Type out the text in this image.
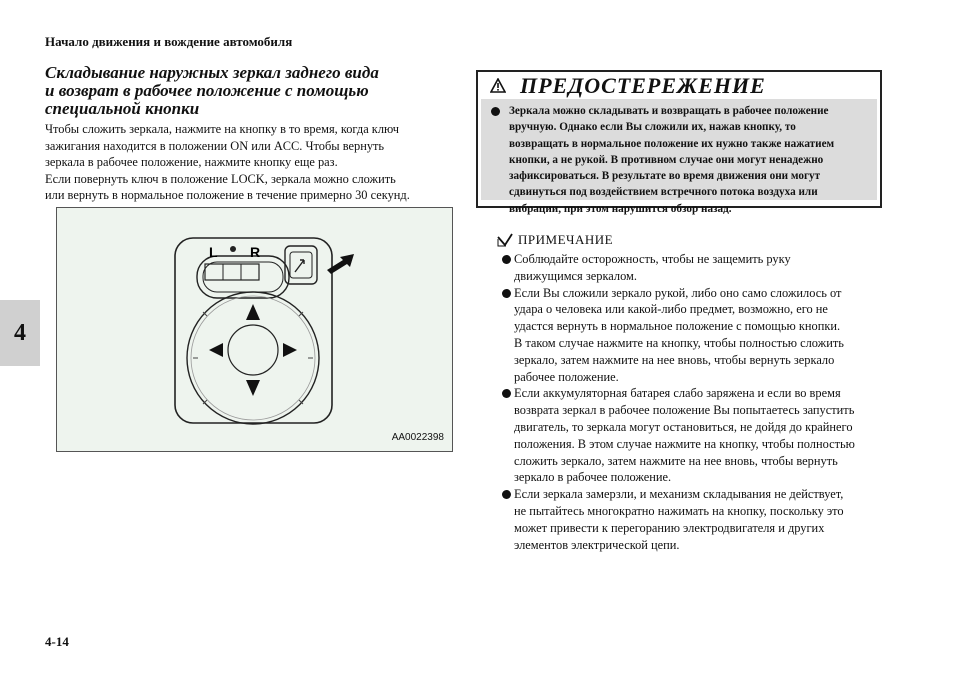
Начало движения и вождение автомобиля
Складывание наружных зеркал заднего вида
и возврат в рабочее положение с помощью
специальной кнопки

Чтобы сложить зеркала, нажмите на кнопку в то время, когда ключ

зажигания находится в положении ON или ACC. Чтобы вернуть

зеркала в рабочее положение, нажмите кнопку еще раз.

Если повернуть ключ в положение LOCK, зеркала можно сложить

или вернуть в нормальное положение в течение примерно 30 секунд.

L R
AA0022398
4
ПРЕДОСТЕРЕЖЕНИЕ
Зеркала можно складывать и возвращать в рабочее положение
вручную. Однако если Вы сложили их, нажав кнопку, то
возвращать в нормальное положение их нужно также нажатием
кнопки, а не рукой. В противном случае они могут ненадежно
зафиксироваться. В результате во время движения они могут
сдвинуться под воздействием встречного потока воздуха или
вибрации, при этом нарушится обзор назад.
ПРИМЕЧАНИЕ
Соблюдайте осторожность, чтобы не защемить руку
движущимся зеркалом.
Если Вы сложили зеркало рукой, либо оно само сложилось от
удара о человека или какой-либо предмет, возможно, его не
удастся вернуть в нормальное положение с помощью кнопки.
В таком случае нажмите на кнопку, чтобы полностью сложить
зеркало, затем нажмите на нее вновь, чтобы вернуть зеркало
рабочее положение.
Если аккумуляторная батарея слабо заряжена и если во время
возврата зеркал в рабочее положение Вы попытаетесь запустить
двигатель, то зеркала могут остановиться, не дойдя до крайнего
положения. В этом случае нажмите на кнопку, чтобы полностью
сложить зеркало, затем нажмите на нее вновь, чтобы вернуть
зеркало в рабочее положение.
Если зеркала замерзли, и механизм складывания не действует,
не пытайтесь многократно нажимать на кнопку, поскольку это
может привести к перегоранию электродвигателя и других
элементов электрической цепи.
4-14
